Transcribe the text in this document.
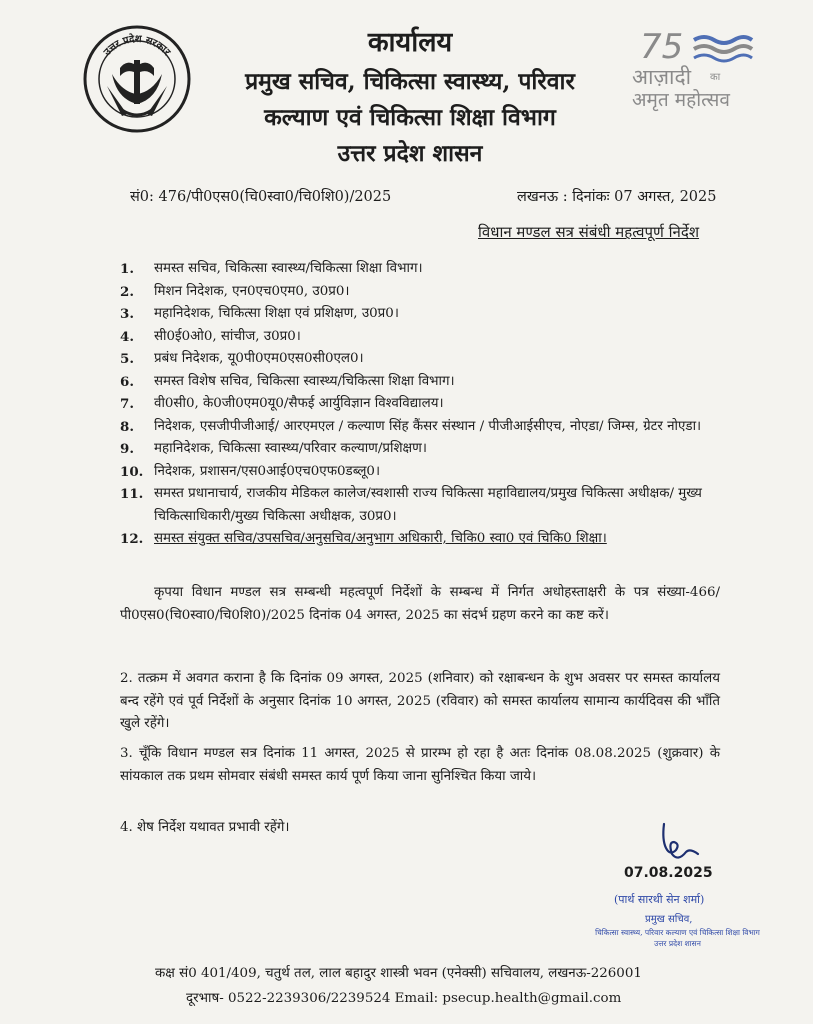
उत्तर प्रदेश सरकार	75
आज़ादी का
अमृत महोत्सव
कार्यालय
प्रमुख सचिव, चिकित्सा स्वास्थ्य, परिवार
कल्याण एवं चिकित्सा शिक्षा विभाग
उत्तर प्रदेश शासन
सं0: 476/पी0एस0(चि0स्वा0/चि0शि0)/2025	लखनऊ : दिनांकः 07 अगस्त, 2025
विधान मण्डल सत्र संबंधी महत्वपूर्ण निर्देश
1. समस्त सचिव, चिकित्सा स्वास्थ्य/चिकित्सा शिक्षा विभाग।
2. मिशन निदेशक, एन0एच0एम0, उ0प्र0।
3. महानिदेशक, चिकित्सा शिक्षा एवं प्रशिक्षण, उ0प्र0।
4. सी0ई0ओ0, सांचीज, उ0प्र0।
5. प्रबंध निदेशक, यू0पी0एम0एस0सी0एल0।
6. समस्त विशेष सचिव, चिकित्सा स्वास्थ्य/चिकित्सा शिक्षा विभाग।
7. वी0सी0, के0जी0एम0यू0/सैफई आर्युविज्ञान विश्वविद्यालय।
8. निदेशक, एसजीपीजीआई/ आरएमएल / कल्याण सिंह कैंसर संस्थान / पीजीआईसीएच, नोएडा/ जिम्स, ग्रेटर नोएडा।
9. महानिदेशक, चिकित्सा स्वास्थ्य/परिवार कल्याण/प्रशिक्षण।
10. निदेशक, प्रशासन/एस0आई0एच0एफ0डब्लू0।
11. समस्त प्रधानाचार्य, राजकीय मेडिकल कालेज/स्वशासी राज्य चिकित्सा महाविद्यालय/प्रमुख चिकित्सा अधीक्षक/ मुख्य चिकित्साधिकारी/मुख्य चिकित्सा अधीक्षक, उ0प्र0।
12. समस्त संयुक्त सचिव/उपसचिव/अनुसचिव/अनुभाग अधिकारी, चिकि0 स्वा0 एवं चिकि0 शिक्षा।
कृपया विधान मण्डल सत्र सम्बन्धी महत्वपूर्ण निर्देशों के सम्बन्ध में निर्गत अधोहस्ताक्षरी के पत्र संख्या-466/पी0एस0(चि0स्वा0/चि0शि0)/2025 दिनांक 04 अगस्त, 2025 का संदर्भ ग्रहण करने का कष्ट करें।
2. तत्क्रम में अवगत कराना है कि दिनांक 09 अगस्त, 2025 (शनिवार) को रक्षाबन्धन के शुभ अवसर पर समस्त कार्यालय बन्द रहेंगे एवं पूर्व निर्देशों के अनुसार दिनांक 10 अगस्त, 2025 (रविवार) को समस्त कार्यालय सामान्य कार्यदिवस की भाँति खुले रहेंगे।
3. चूँकि विधान मण्डल सत्र दिनांक 11 अगस्त, 2025 से प्रारम्भ हो रहा है अतः दिनांक 08.08.2025 (शुक्रवार) के सांयकाल तक प्रथम सोमवार संबंधी समस्त कार्य पूर्ण किया जाना सुनिश्चित किया जाये।
4. शेष निर्देश यथावत प्रभावी रहेंगे।
07.08.2025
(पार्थ सारथी सेन शर्मा)
प्रमुख सचिव,
चिकित्सा स्वास्थ्य, परिवार कल्याण एवं चिकित्सा शिक्षा विभाग उत्तर प्रदेश शासन
कक्ष सं0 401/409, चतुर्थ तल, लाल बहादुर शास्त्री भवन (एनेक्सी) सचिवालय, लखनऊ-226001
दूरभाष- 0522-2239306/2239524 Email: psecup.health@gmail.com
